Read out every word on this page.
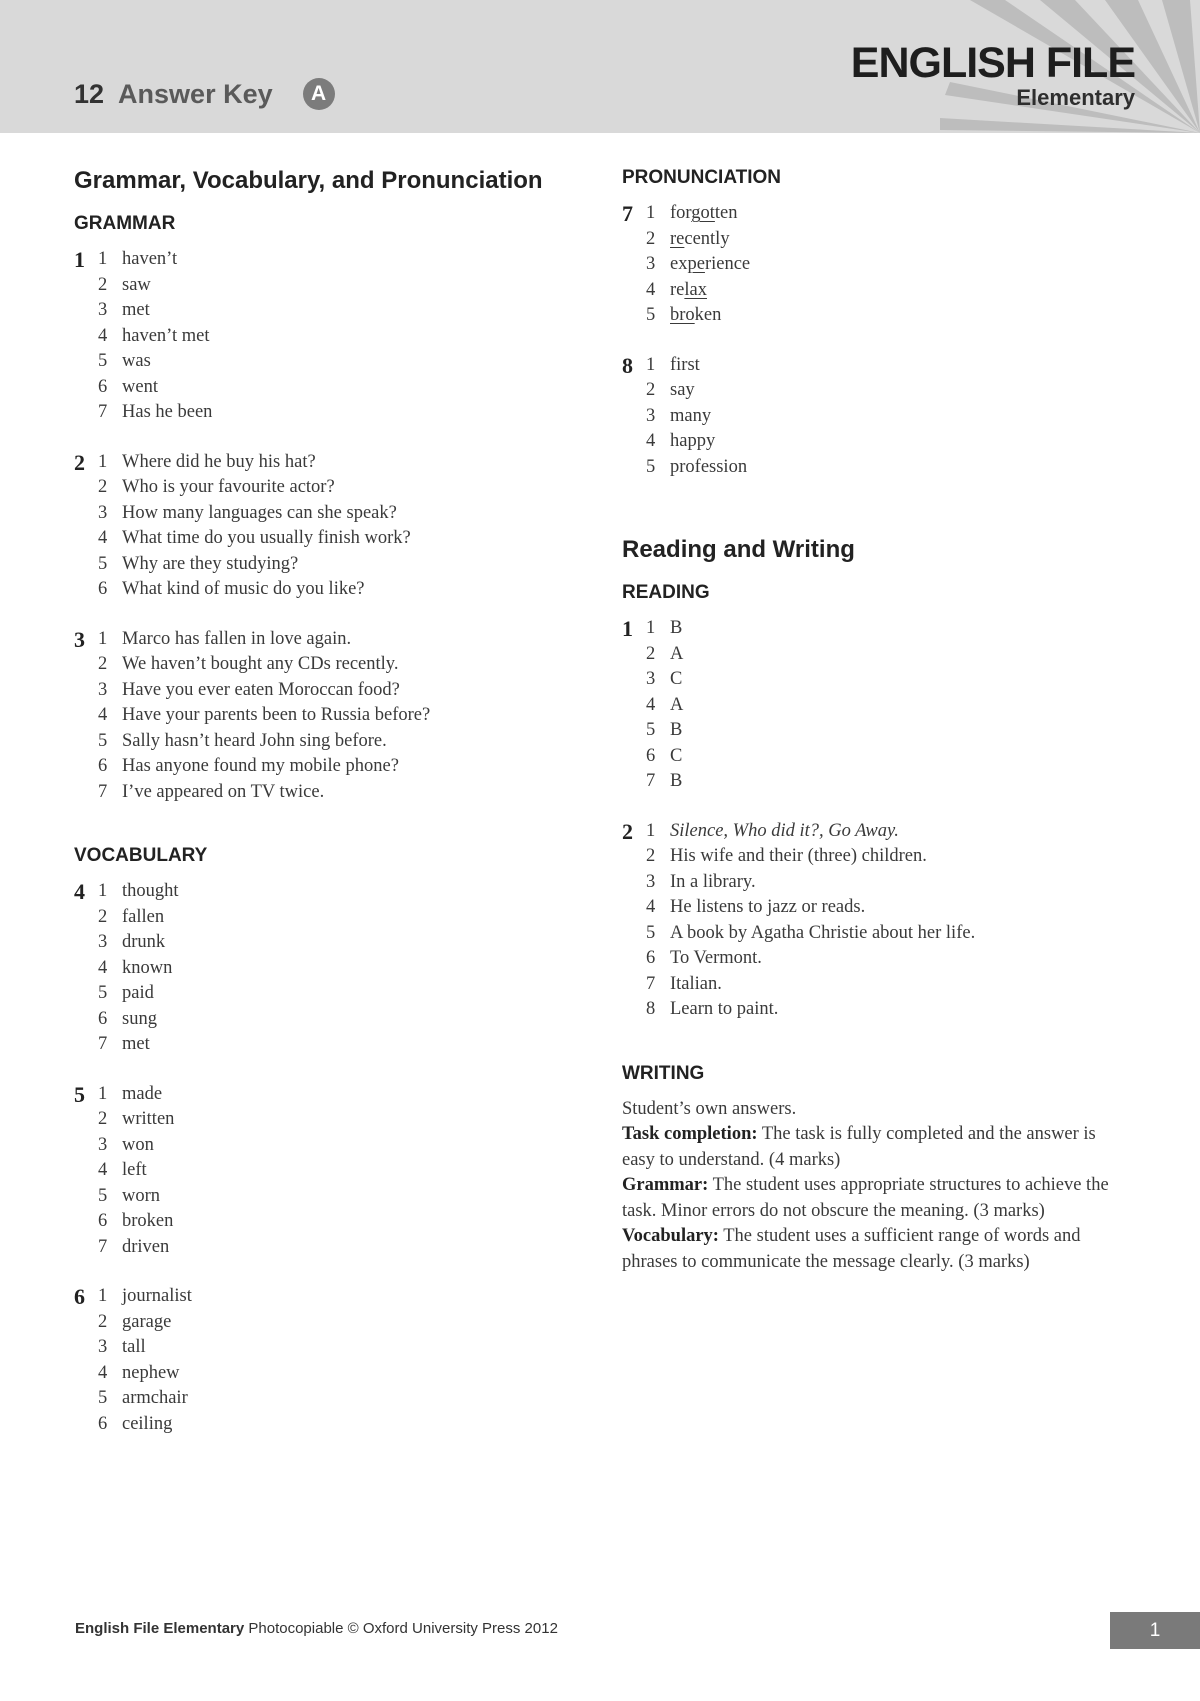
12 Answer Key	A
ENGLISH FILE
Elementary
Grammar, Vocabulary, and Pronunciation
GRAMMAR
1 1 haven’t
2 saw
3 met
4 haven’t met
5 was
6 went
7 Has he been
2 1 Where did he buy his hat?
2 Who is your favourite actor?
3 How many languages can she speak?
4 What time do you usually finish work?
5 Why are they studying?
6 What kind of music do you like?
3 1 Marco has fallen in love again.
2 We haven’t bought any CDs recently.
3 Have you ever eaten Moroccan food?
4 Have your parents been to Russia before?
5 Sally hasn’t heard John sing before.
6 Has anyone found my mobile phone?
7 I’ve appeared on TV twice.
VOCABULARY
4 1 thought
2 fallen
3 drunk
4 known
5 paid
6 sung
7 met
5 1 made
2 written
3 won
4 left
5 worn
6 broken
7 driven
6 1 journalist
2 garage
3 tall
4 nephew
5 armchair
6 ceiling
PRONUNCIATION
7 1 forgotten
2 recently
3 experience
4 relax
5 broken
8 1 first
2 say
3 many
4 happy
5 profession
Reading and Writing
READING
1 1 B
2 A
3 C
4 A
5 B
6 C
7 B
2 1 Silence, Who did it?, Go Away.
2 His wife and their (three) children.
3 In a library.
4 He listens to jazz or reads.
5 A book by Agatha Christie about her life.
6 To Vermont.
7 Italian.
8 Learn to paint.
WRITING
Student’s own answers.
Task completion: The task is fully completed and the answer is easy to understand. (4 marks)
Grammar: The student uses appropriate structures to achieve the task. Minor errors do not obscure the meaning. (3 marks)
Vocabulary: The student uses a sufficient range of words and phrases to communicate the message clearly. (3 marks)
English File Elementary Photocopiable © Oxford University Press 2012	1
